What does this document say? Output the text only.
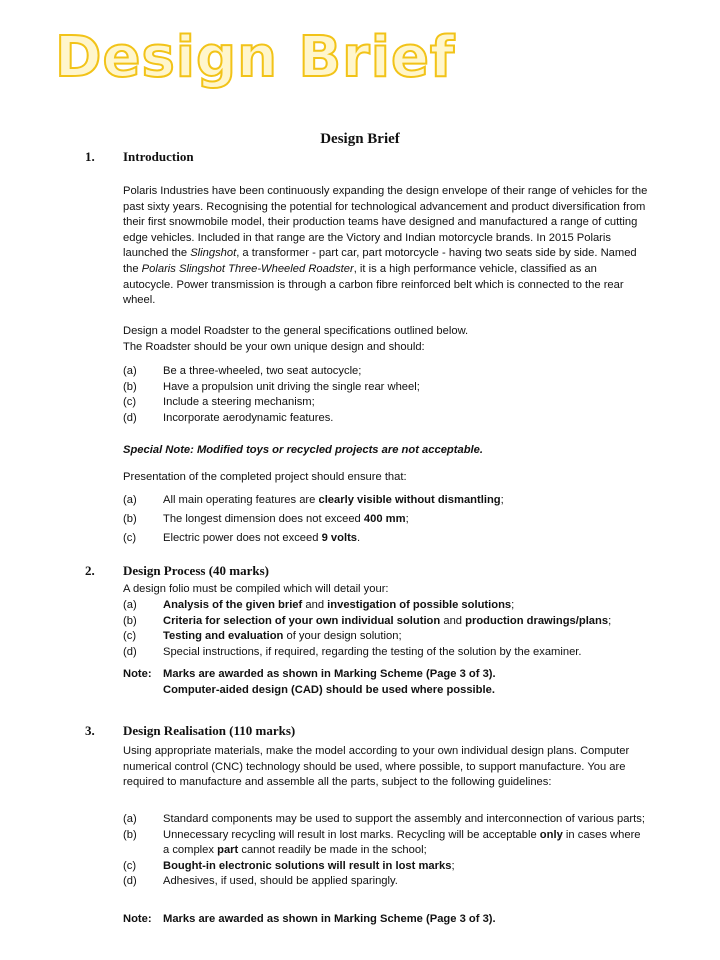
Design Brief
Design Brief
1. Introduction
Polaris Industries have been continuously expanding the design envelope of their range of vehicles for the past sixty years. Recognising the potential for technological advancement and product diversification from their first snowmobile model, their production teams have designed and manufactured a range of cutting edge vehicles. Included in that range are the Victory and Indian motorcycle brands. In 2015 Polaris launched the Slingshot, a transformer - part car, part motorcycle - having two seats side by side. Named the Polaris Slingshot Three-Wheeled Roadster, it is a high performance vehicle, classified as an autocycle. Power transmission is through a carbon fibre reinforced belt which is connected to the rear wheel.
Design a model Roadster to the general specifications outlined below.
The Roadster should be your own unique design and should:
(a)	Be a three-wheeled, two seat autocycle;
(b)	Have a propulsion unit driving the single rear wheel;
(c)	Include a steering mechanism;
(d)	Incorporate aerodynamic features.
Special Note: Modified toys or recycled projects are not acceptable.
Presentation of the completed project should ensure that:
(a)	All main operating features are clearly visible without dismantling;
(b)	The longest dimension does not exceed 400 mm;
(c)	Electric power does not exceed 9 volts.
2. Design Process (40 marks)
A design folio must be compiled which will detail your:
(a)	Analysis of the given brief and investigation of possible solutions;
(b)	Criteria for selection of your own individual solution and production drawings/plans;
(c)	Testing and evaluation of your design solution;
(d)	Special instructions, if required, regarding the testing of the solution by the examiner.
Note:	Marks are awarded as shown in Marking Scheme (Page 3 of 3).
Computer-aided design (CAD) should be used where possible.
3. Design Realisation (110 marks)
Using appropriate materials, make the model according to your own individual design plans. Computer numerical control (CNC) technology should be used, where possible, to support manufacture. You are required to manufacture and assemble all the parts, subject to the following guidelines:
(a)	Standard components may be used to support the assembly and interconnection of various parts;
(b)	Unnecessary recycling will result in lost marks. Recycling will be acceptable only in cases where a complex part cannot readily be made in the school;
(c)	Bought-in electronic solutions will result in lost marks;
(d)	Adhesives, if used, should be applied sparingly.
Note:	Marks are awarded as shown in Marking Scheme (Page 3 of 3).
